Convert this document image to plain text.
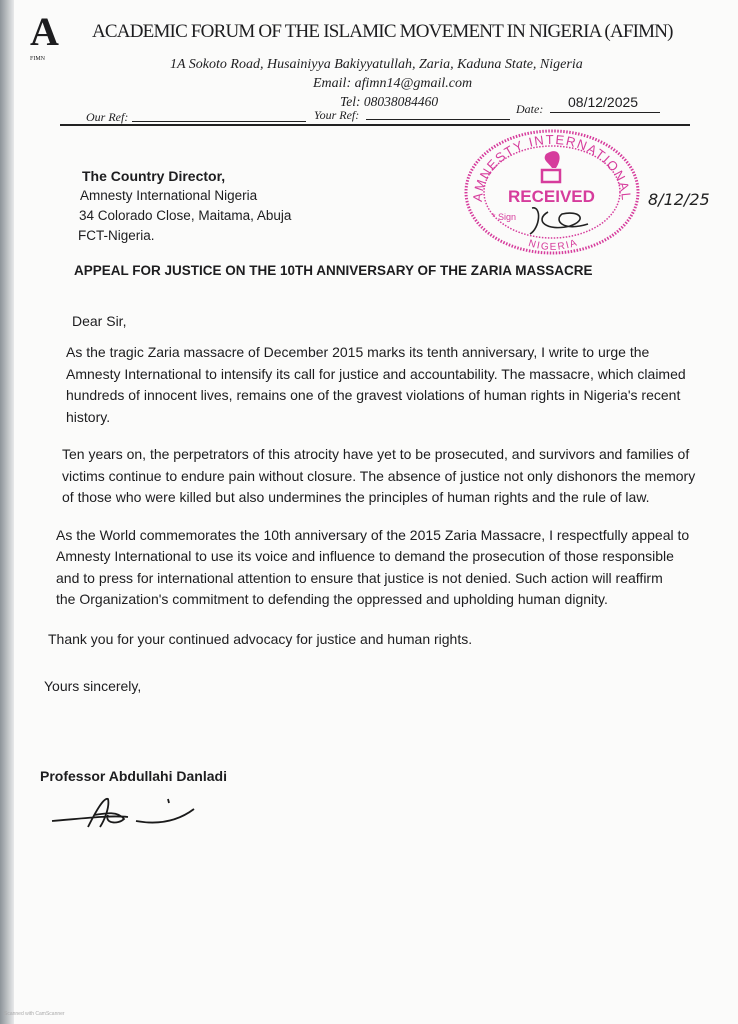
A
FIMN
ACADEMIC FORUM OF THE ISLAMIC MOVEMENT IN NIGERIA (AFIMN)
1A Sokoto Road, Husainiyya Bakiyyatullah, Zaria, Kaduna State, Nigeria
Email: afimn14@gmail.com
Tel: 08038084460
Our Ref:	Your Ref:	Date: 08/12/2025
AMNESTY INTERNATIONAL
RECEIVED
* Sign
NIGERIA
8/12/25
The Country Director,
Amnesty International Nigeria
34 Colorado Close, Maitama, Abuja
FCT-Nigeria.
APPEAL FOR JUSTICE ON THE 10TH ANNIVERSARY OF THE ZARIA MASSACRE
Dear Sir,
As the tragic Zaria massacre of December 2015 marks its tenth anniversary, I write to urge the
Amnesty International to intensify its call for justice and accountability. The massacre, which claimed
hundreds of innocent lives, remains one of the gravest violations of human rights in Nigeria's recent
history.
Ten years on, the perpetrators of this atrocity have yet to be prosecuted, and survivors and families of
victims continue to endure pain without closure. The absence of justice not only dishonors the memory
of those who were killed but also undermines the principles of human rights and the rule of law.
As the World commemorates the 10th anniversary of the 2015 Zaria Massacre, I respectfully appeal to
Amnesty International to use its voice and influence to demand the prosecution of those responsible
and to press for international attention to ensure that justice is not denied. Such action will reaffirm
the Organization's commitment to defending the oppressed and upholding human dignity.
Thank you for your continued advocacy for justice and human rights.
Yours sincerely,
Professor Abdullahi Danladi
Scanned with CamScanner
